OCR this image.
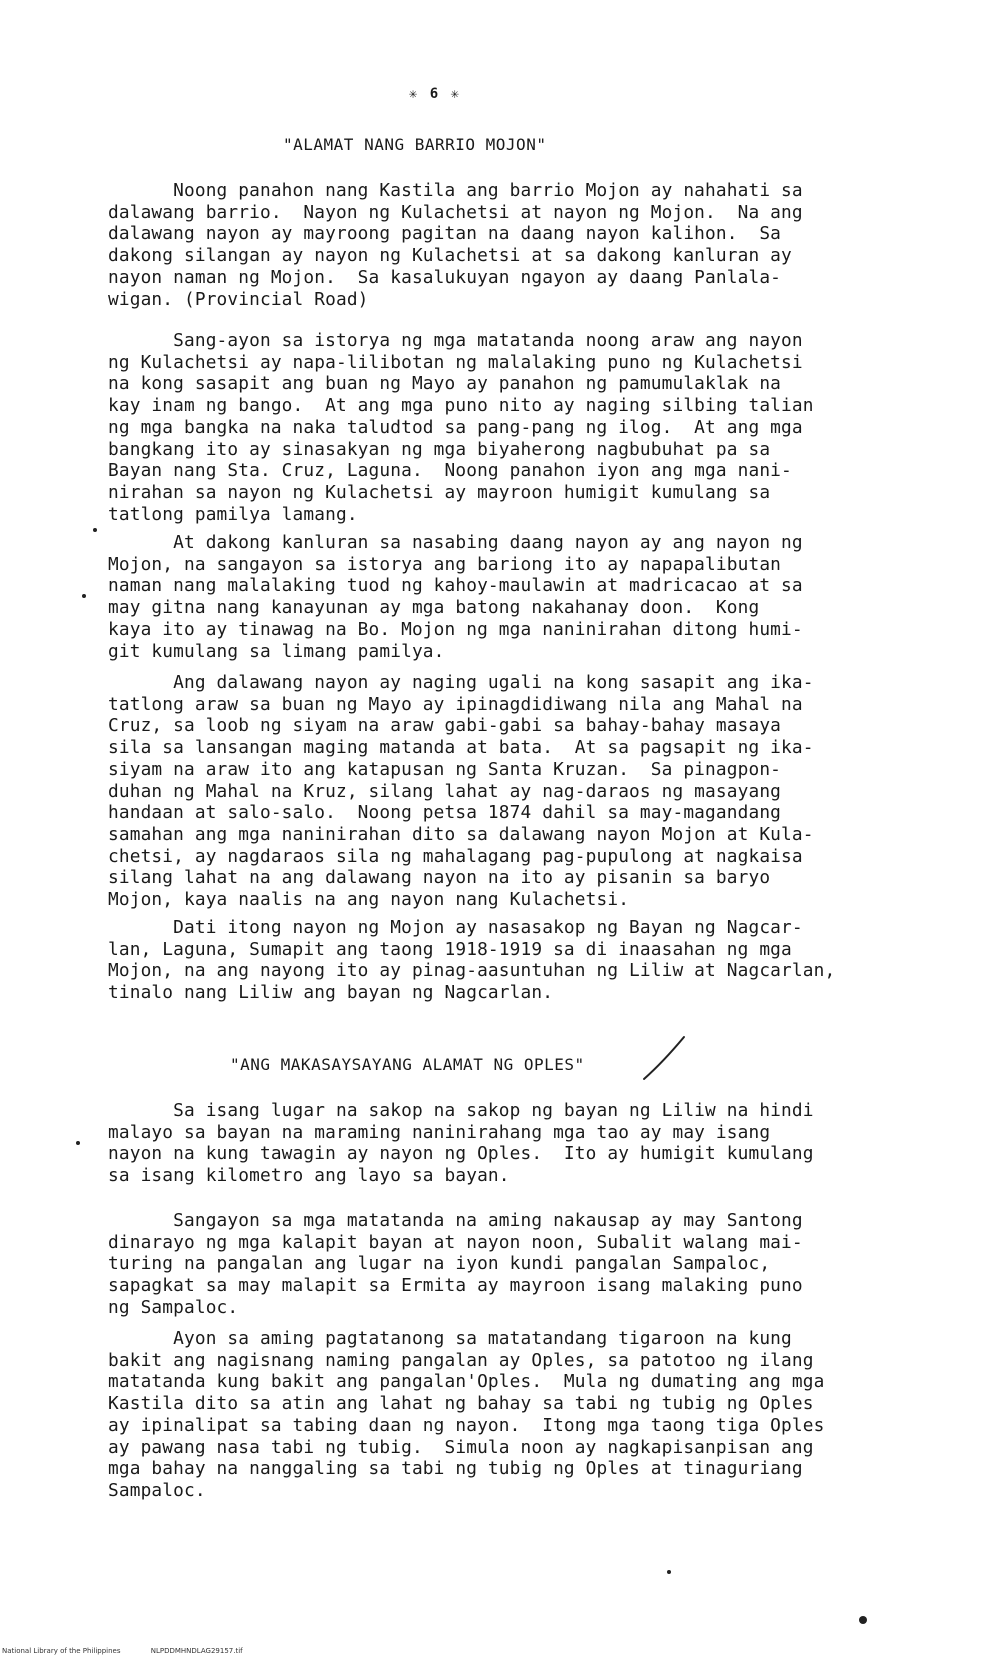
✳ 6 ✳
"ALAMAT NANG BARRIO MOJON"

Noong panahon nang Kastila ang barrio Mojon ay nahahati sa
dalawang barrio.  Nayon ng Kulachetsi at nayon ng Mojon.  Na ang
dalawang nayon ay mayroong pagitan na daang nayon kalihon.  Sa
dakong silangan ay nayon ng Kulachetsi at sa dakong kanluran ay
nayon naman ng Mojon.  Sa kasalukuyan ngayon ay daang Panlala-
wigan. (Provincial Road)

Sang-ayon sa istorya ng mga matatanda noong araw ang nayon
ng Kulachetsi ay napa-lilibotan ng malalaking puno ng Kulachetsi
na kong sasapit ang buan ng Mayo ay panahon ng pamumulaklak na
kay inam ng bango.  At ang mga puno nito ay naging silbing talian
ng mga bangka na naka taludtod sa pang-pang ng ilog.  At ang mga
bangkang ito ay sinasakyan ng mga biyaherong nagbubuhat pa sa
Bayan nang Sta. Cruz, Laguna.  Noong panahon iyon ang mga nani-
nirahan sa nayon ng Kulachetsi ay mayroon humigit kumulang sa
tatlong pamilya lamang.

At dakong kanluran sa nasabing daang nayon ay ang nayon ng
Mojon, na sangayon sa istorya ang bariong ito ay napapalibutan
naman nang malalaking tuod ng kahoy-maulawin at madricacao at sa
may gitna nang kanayunan ay mga batong nakahanay doon.  Kong
kaya ito ay tinawag na Bo. Mojon ng mga naninirahan ditong humi-
git kumulang sa limang pamilya.

Ang dalawang nayon ay naging ugali na kong sasapit ang ika-
tatlong araw sa buan ng Mayo ay ipinagdidiwang nila ang Mahal na
Cruz, sa loob ng siyam na araw gabi-gabi sa bahay-bahay masaya
sila sa lansangan maging matanda at bata.  At sa pagsapit ng ika-
siyam na araw ito ang katapusan ng Santa Kruzan.  Sa pinagpon-
duhan ng Mahal na Kruz, silang lahat ay nag-daraos ng masayang
handaan at salo-salo.  Noong petsa 1874 dahil sa may-magandang
samahan ang mga naninirahan dito sa dalawang nayon Mojon at Kula-
chetsi, ay nagdaraos sila ng mahalagang pag-pupulong at nagkaisa
silang lahat na ang dalawang nayon na ito ay pisanin sa baryo
Mojon, kaya naalis na ang nayon nang Kulachetsi.

Dati itong nayon ng Mojon ay nasasakop ng Bayan ng Nagcar-
lan, Laguna, Sumapit ang taong 1918-1919 sa di inaasahan ng mga
Mojon, na ang nayong ito ay pinag-aasuntuhan ng Liliw at Nagcarlan,
tinalo nang Liliw ang bayan ng Nagcarlan.

"ANG MAKASAYSAYANG ALAMAT NG OPLES"

Sa isang lugar na sakop na sakop ng bayan ng Liliw na hindi
malayo sa bayan na maraming naninirahang mga tao ay may isang
nayon na kung tawagin ay nayon ng Oples.  Ito ay humigit kumulang
sa isang kilometro ang layo sa bayan.

Sangayon sa mga matatanda na aming nakausap ay may Santong
dinarayo ng mga kalapit bayan at nayon noon, Subalit walang mai-
turing na pangalan ang lugar na iyon kundi pangalan Sampaloc,
sapagkat sa may malapit sa Ermita ay mayroon isang malaking puno
ng Sampaloc.

Ayon sa aming pagtatanong sa matatandang tigaroon na kung
bakit ang nagisnang naming pangalan ay Oples, sa patotoo ng ilang
matatanda kung bakit ang pangalan'Oples.  Mula ng dumating ang mga
Kastila dito sa atin ang lahat ng bahay sa tabi ng tubig ng Oples
ay ipinalipat sa tabing daan ng nayon.  Itong mga taong tiga Oples
ay pawang nasa tabi ng tubig.  Simula noon ay nagkapisanpisan ang
mga bahay na nanggaling sa tabi ng tubig ng Oples at tinaguriang
Sampaloc.

National Library of the Philippines	NLPDDMHNDLAG29157.tif
